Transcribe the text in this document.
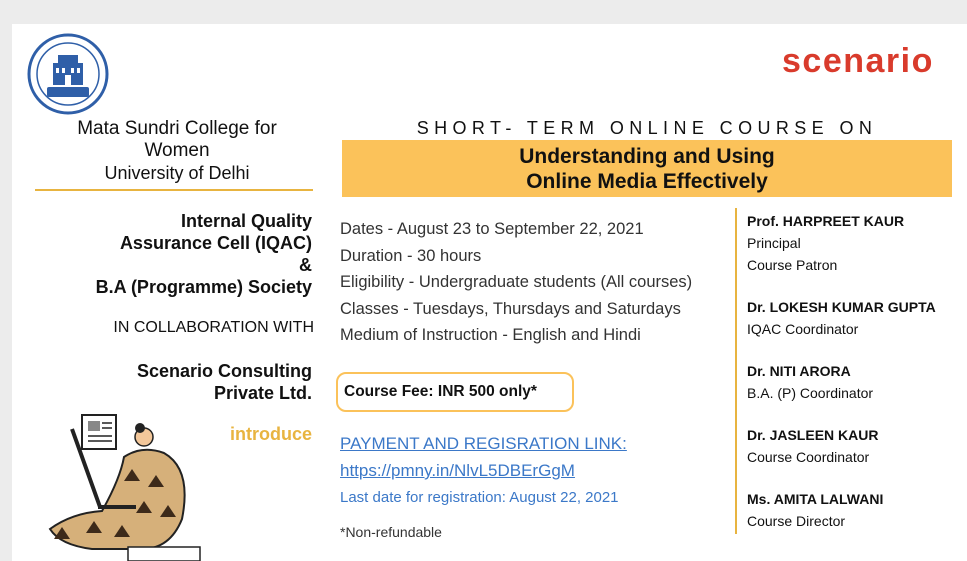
Mata Sundri College for
Women
University of Delhi
scenario
SHORT- TERM ONLINE COURSE ON
Understanding and Using
Online Media Effectively
Internal Quality
Assurance Cell (IQAC)
&
B.A (Programme) Society
IN COLLABORATION WITH
Scenario Consulting
Private Ltd.
introduce
Dates - August 23 to September 22, 2021
Duration - 30 hours
Eligibility - Undergraduate students (All courses)
Classes - Tuesdays, Thursdays and Saturdays
Medium of Instruction - English and Hindi
Course Fee: INR 500 only*
PAYMENT AND REGISRATION LINK:
https://pmny.in/NlvL5DBErGgM
Last date for registration: August 22, 2021
*Non-refundable
Prof. HARPREET KAUR
Principal
Course Patron
Dr. LOKESH KUMAR GUPTA
IQAC Coordinator
Dr. NITI ARORA
B.A. (P) Coordinator
Dr. JASLEEN KAUR
Course Coordinator
Ms. AMITA LALWANI
Course Director
